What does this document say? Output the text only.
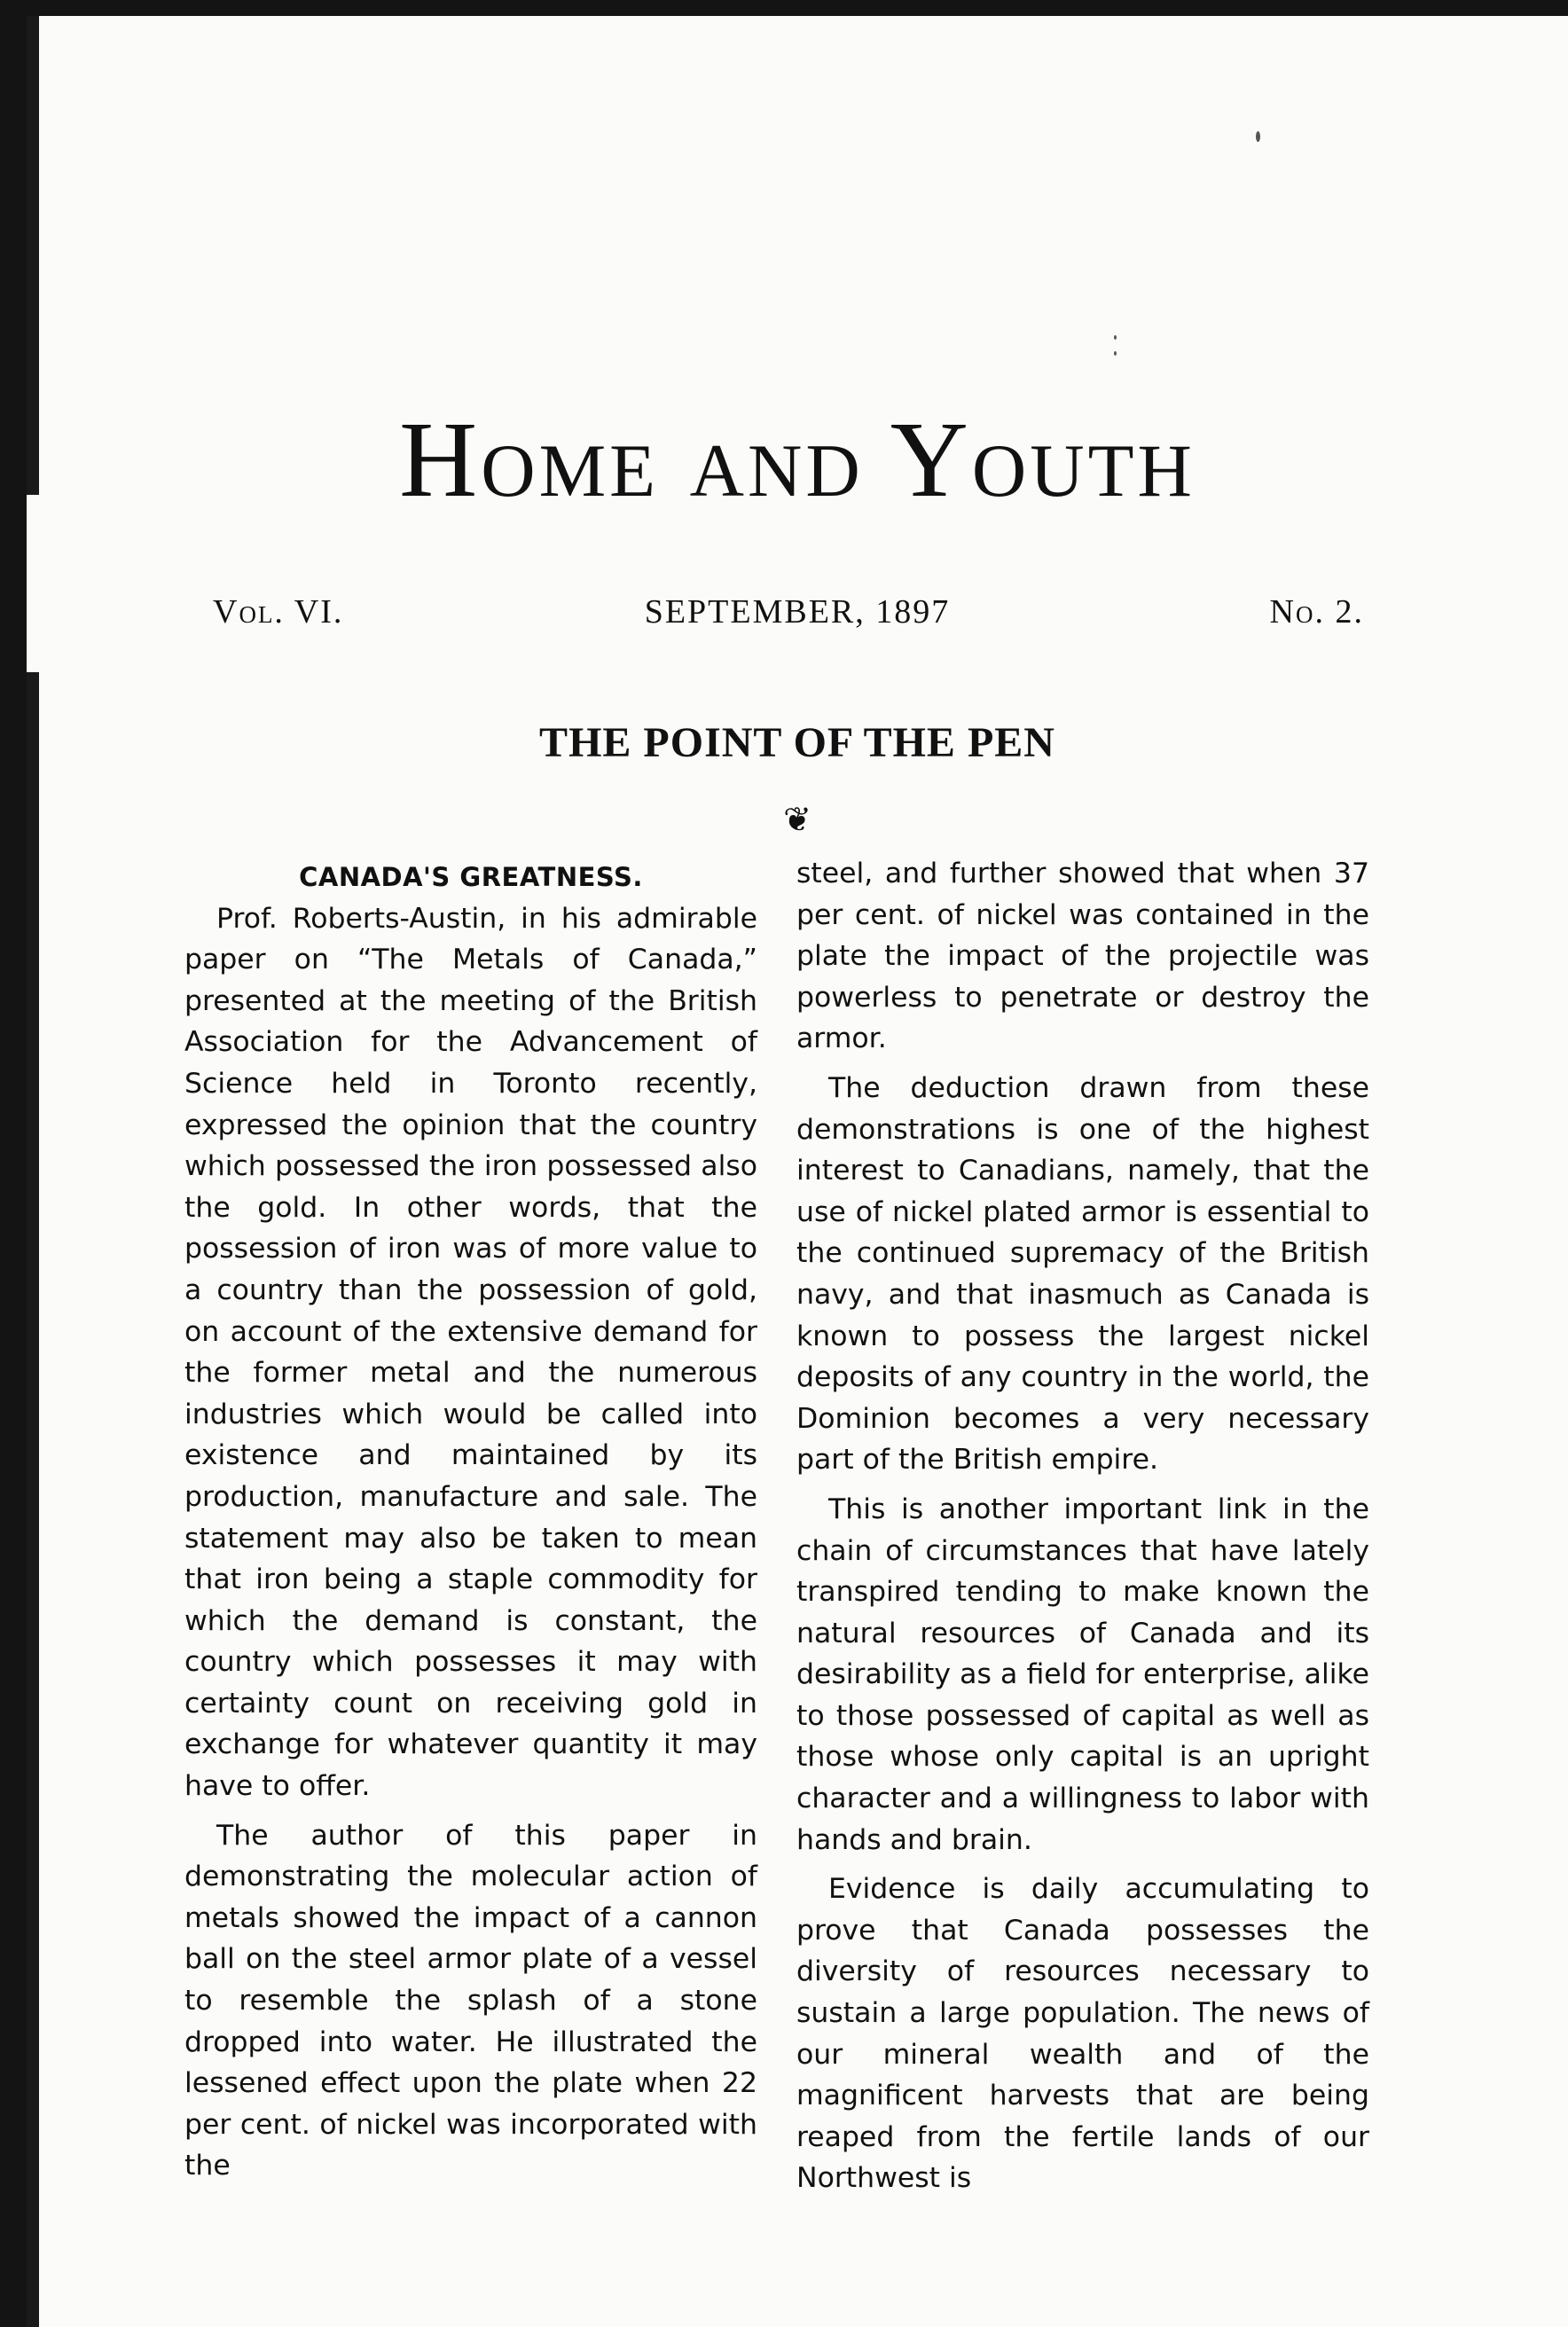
Home and Youth
SEPTEMBER, 1897
Vol. VI.	No. 2.
THE POINT OF THE PEN
❦
CANADA'S GREATNESS.

Prof. Roberts-Austin, in his admirable paper on “The Metals of Canada,” presented at the meeting of the British Association for the Advancement of Science held in Toronto recently, expressed the opinion that the country which possessed the iron possessed also the gold. In other words, that the possession of iron was of more value to a country than the possession of gold, on account of the extensive demand for the former metal and the numerous industries which would be called into existence and maintained by its production, manufacture and sale. The statement may also be taken to mean that iron being a staple commodity for which the demand is constant, the country which possesses it may with certainty count on receiving gold in exchange for whatever quantity it may have to offer.

The author of this paper in demonstrating the molecular action of metals showed the impact of a cannon ball on the steel armor plate of a vessel to resemble the splash of a stone dropped into water. He illustrated the lessened effect upon the plate when 22 per cent. of nickel was incorporated with the

steel, and further showed that when 37 per cent. of nickel was contained in the plate the impact of the projectile was powerless to penetrate or destroy the armor.

The deduction drawn from these demonstrations is one of the highest interest to Canadians, namely, that the use of nickel plated armor is essential to the continued supremacy of the British navy, and that inasmuch as Canada is known to possess the largest nickel deposits of any country in the world, the Dominion becomes a very necessary part of the British empire.

This is another important link in the chain of circumstances that have lately transpired tending to make known the natural resources of Canada and its desirability as a field for enterprise, alike to those possessed of capital as well as those whose only capital is an upright character and a willingness to labor with hands and brain.

Evidence is daily accumulating to prove that Canada possesses the diversity of resources necessary to sustain a large population. The news of our mineral wealth and of the magnificent harvests that are being reaped from the fertile lands of our Northwest is
